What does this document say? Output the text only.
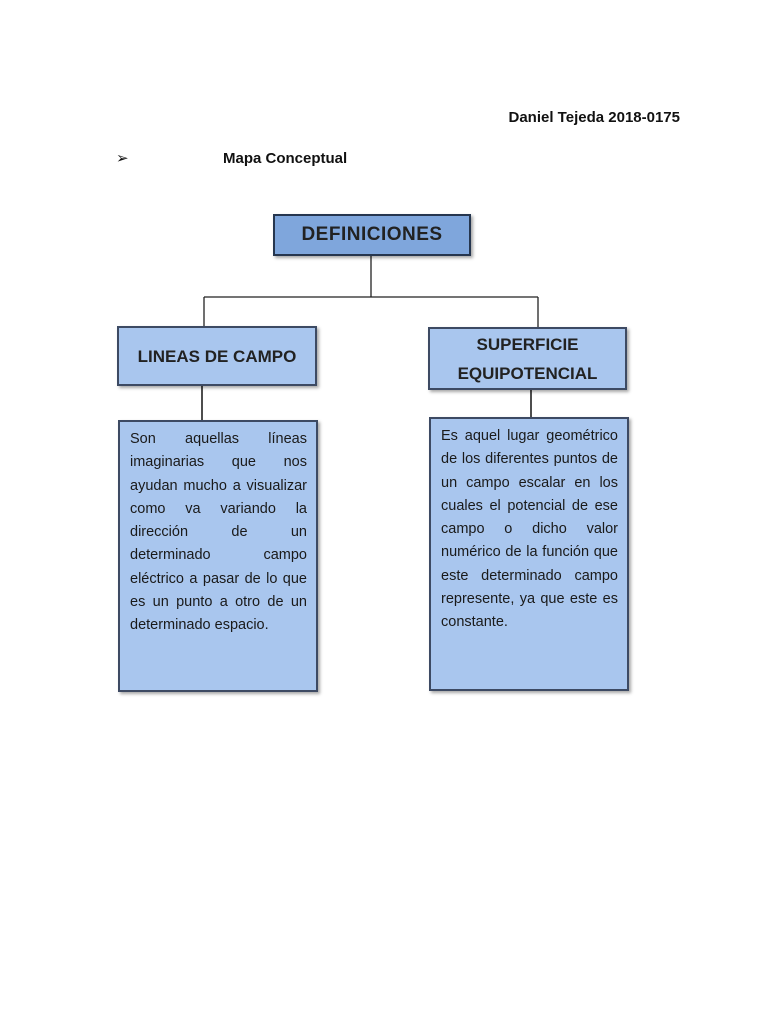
Daniel Tejeda 2018-0175
➢	Mapa Conceptual
DEFINICIONES
LINEAS DE CAMPO
SUPERFICIE EQUIPOTENCIAL
Son aquellas líneas imaginarias que nos ayudan mucho a visualizar como va variando la dirección de un determinado campo eléctrico a pasar de lo que es un punto a otro de un determinado espacio.
Es aquel lugar geométrico de los diferentes puntos de un campo escalar en los cuales el potencial de ese campo o dicho valor numérico de la función que este determinado campo represente, ya que este es constante.
